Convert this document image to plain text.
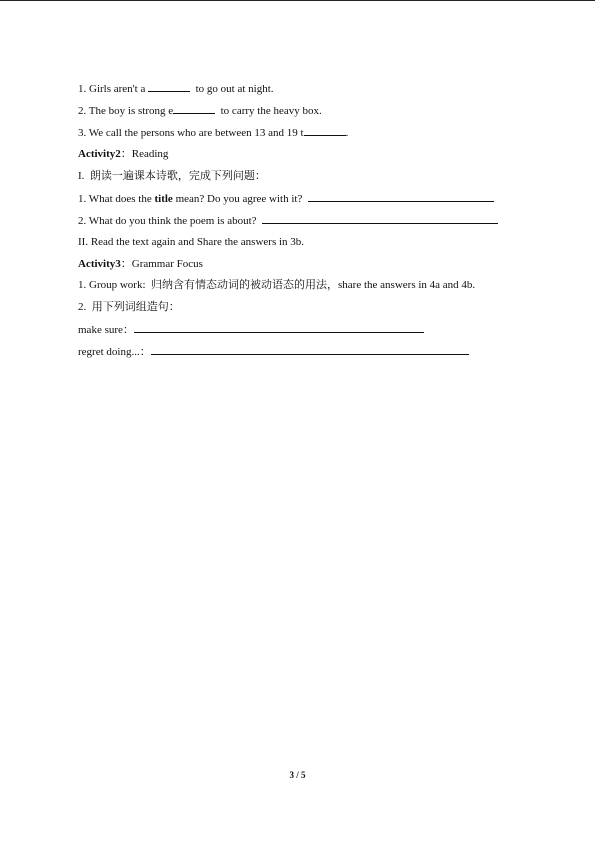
1. Girls aren't a	to go out at night.
2. The boy is strong e	to carry the heavy box.
3. We call the persons who are between 13 and 19 t	.
Activity2：Reading
I.  朗读一遍课本诗歌，完成下列问题：
1. What does the title mean? Do you agree with it?
2. What do you think the poem is about?
II. Read the text again and Share the answers in 3b.
Activity3：Grammar Focus
1. Group work:  归纳含有情态动词的被动语态的用法，share the answers in 4a and 4b.
2.  用下列词组造句：
make sure：
regret doing...：
3 / 5
